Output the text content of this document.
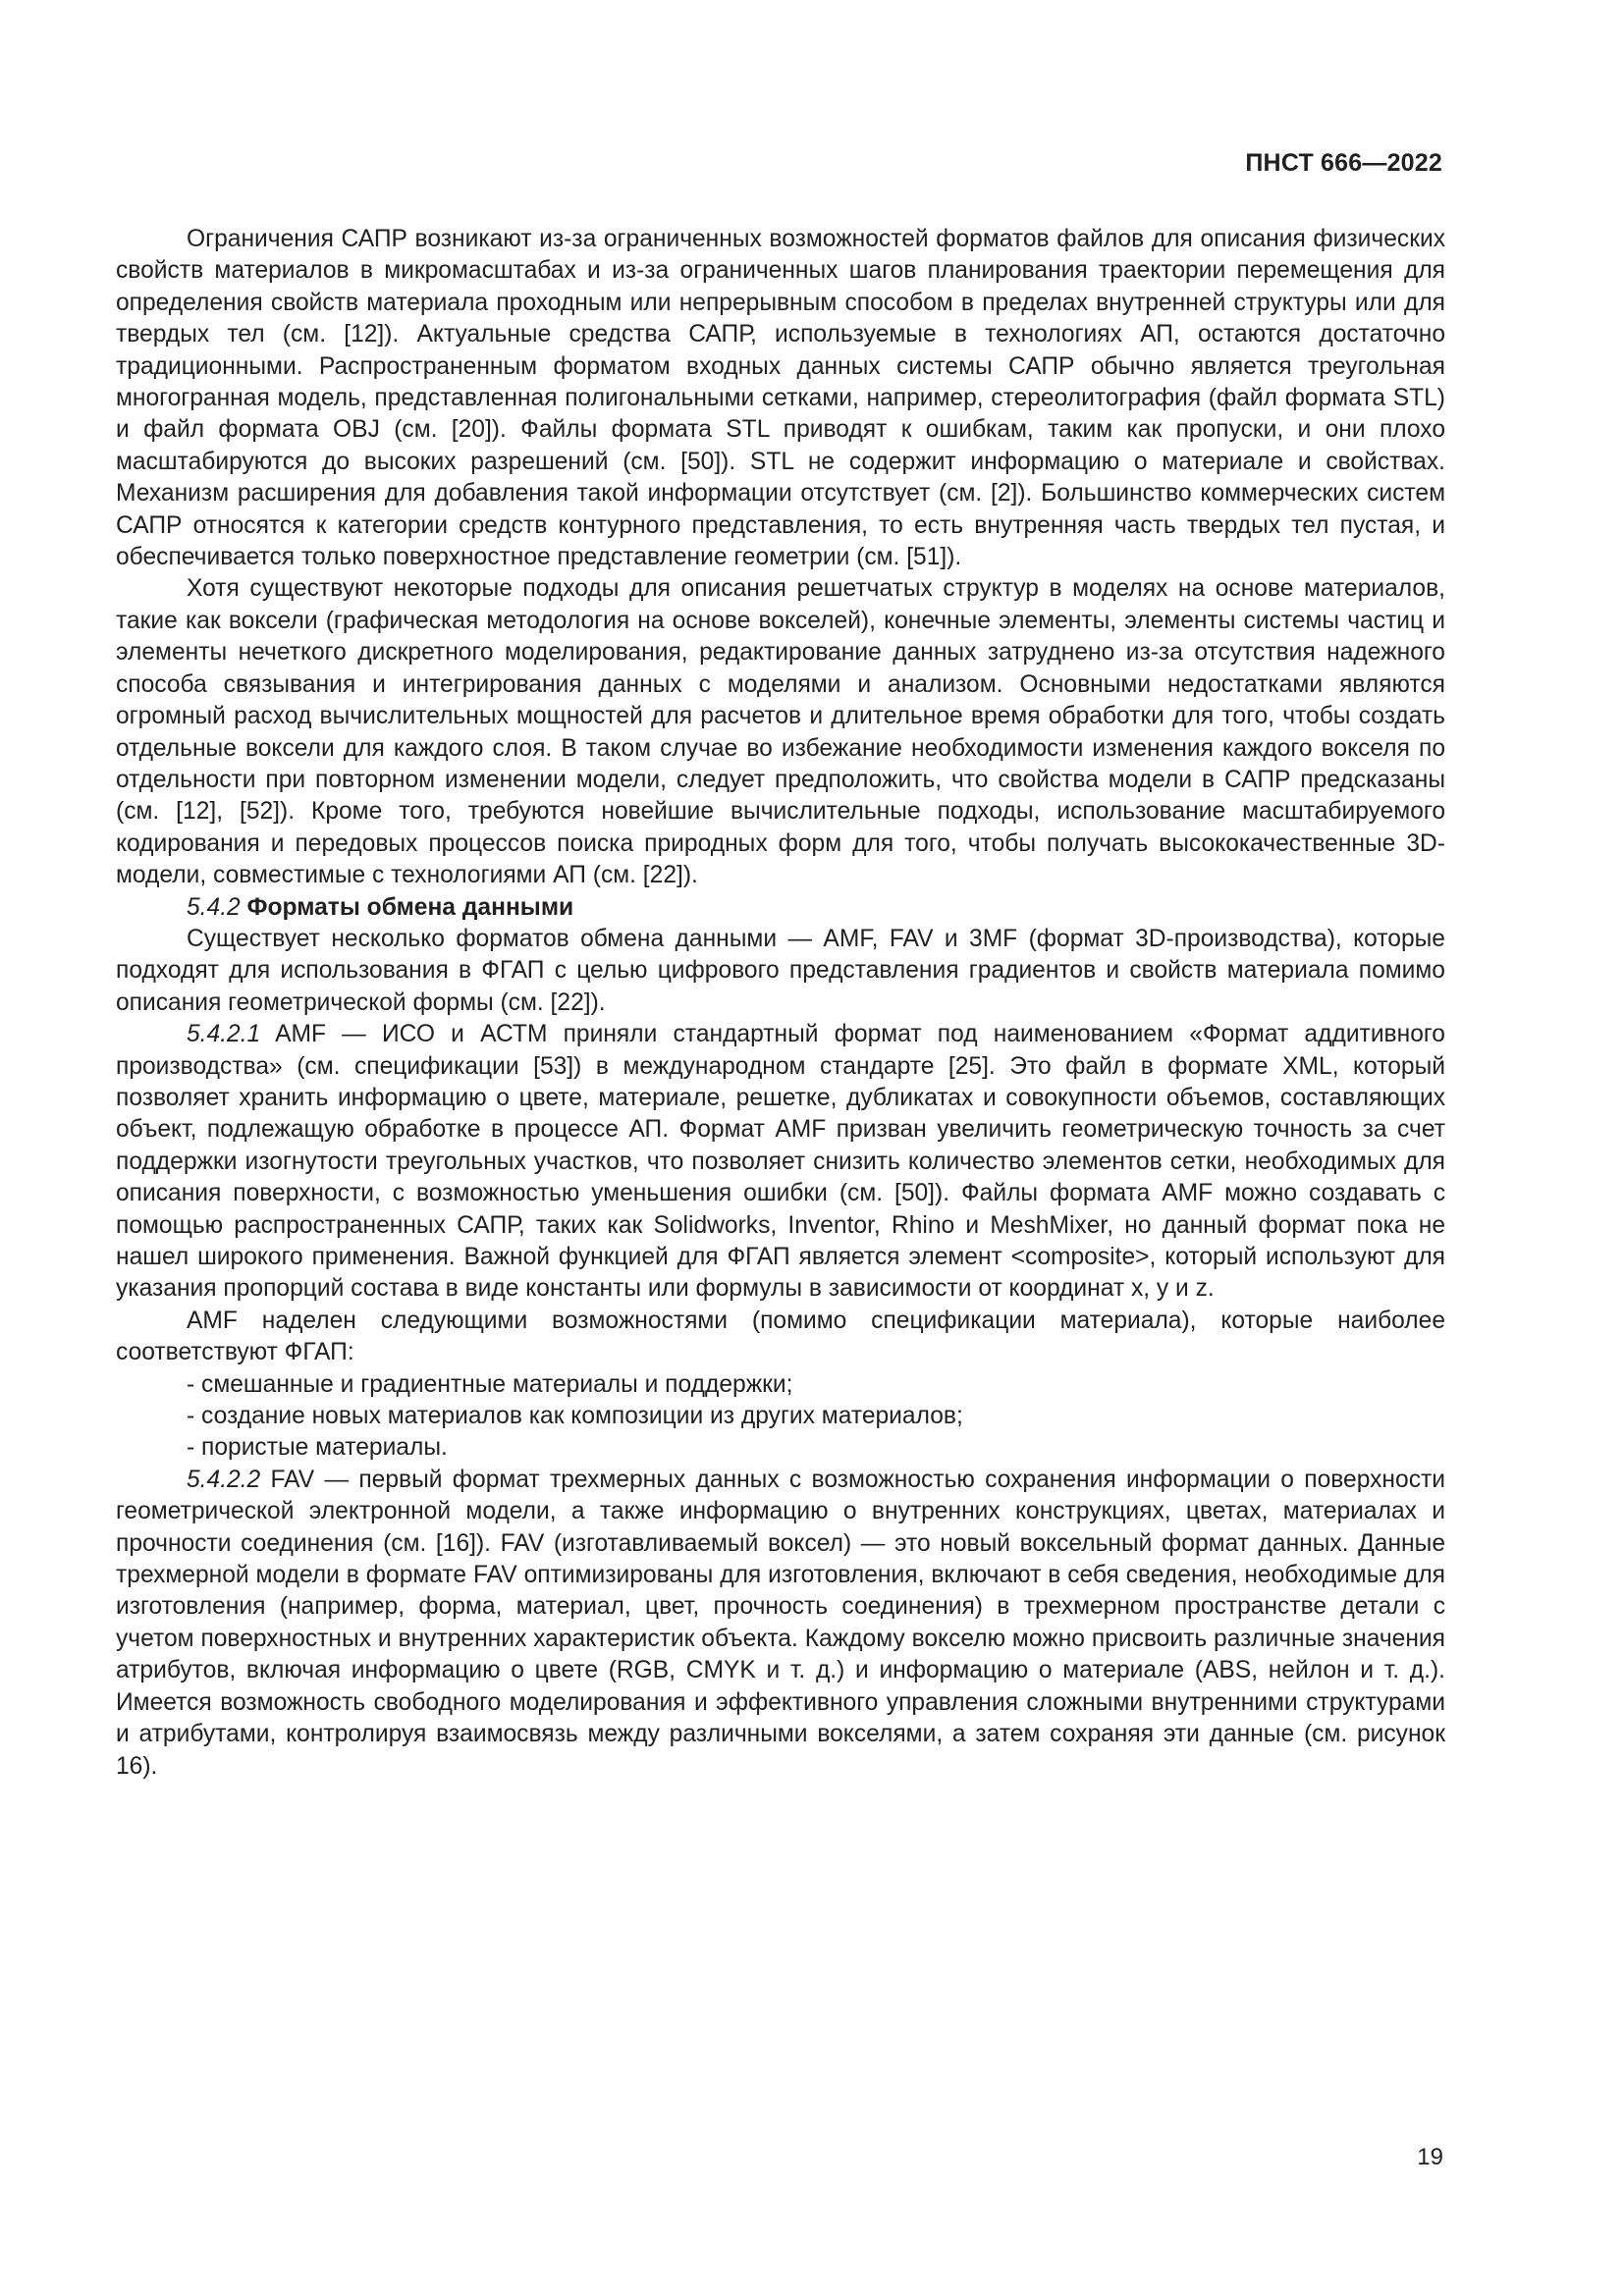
ПНСТ 666—2022

Ограничения САПР возникают из-за ограниченных возможностей форматов файлов для описания физических свойств материалов в микромасштабах и из-за ограниченных шагов планирования траектории перемещения для определения свойств материала проходным или непрерывным способом в пределах внутренней структуры или для твердых тел (см. [12]). Актуальные средства САПР, используемые в технологиях АП, остаются достаточно традиционными. Распространенным форматом входных данных системы САПР обычно является треугольная многогранная модель, представленная полигональными сетками, например, стереолитография (файл формата STL) и файл формата OBJ (см. [20]). Файлы формата STL приводят к ошибкам, таким как пропуски, и они плохо масштабируются до высоких разрешений (см. [50]). STL не содержит информацию о материале и свойствах. Механизм расширения для добавления такой информации отсутствует (см. [2]). Большинство коммерческих систем САПР относятся к категории средств контурного представления, то есть внутренняя часть твердых тел пустая, и обеспечивается только поверхностное представление геометрии (см. [51]).

Хотя существуют некоторые подходы для описания решетчатых структур в моделях на основе материалов, такие как воксели (графическая методология на основе вокселей), конечные элементы, элементы системы частиц и элементы нечеткого дискретного моделирования, редактирование данных затруднено из-за отсутствия надежного способа связывания и интегрирования данных с моделями и анализом. Основными недостатками являются огромный расход вычислительных мощностей для расчетов и длительное время обработки для того, чтобы создать отдельные воксели для каждого слоя. В таком случае во избежание необходимости изменения каждого вокселя по отдельности при повторном изменении модели, следует предположить, что свойства модели в САПР предсказаны (см. [12], [52]). Кроме того, требуются новейшие вычислительные подходы, использование масштабируемого кодирования и передовых процессов поиска природных форм для того, чтобы получать высококачественные 3D-модели, совместимые с технологиями АП (см. [22]).

5.4.2 Форматы обмена данными

Существует несколько форматов обмена данными — AMF, FAV и 3MF (формат 3D-производства), которые подходят для использования в ФГАП с целью цифрового представления градиентов и свойств материала помимо описания геометрической формы (см. [22]).

5.4.2.1 AMF — ИСО и АСТМ приняли стандартный формат под наименованием «Формат аддитивного производства» (см. спецификации [53]) в международном стандарте [25]. Это файл в формате XML, который позволяет хранить информацию о цвете, материале, решетке, дубликатах и совокупности объемов, составляющих объект, подлежащую обработке в процессе АП. Формат AMF призван увеличить геометрическую точность за счет поддержки изогнутости треугольных участков, что позволяет снизить количество элементов сетки, необходимых для описания поверхности, с возможностью уменьшения ошибки (см. [50]). Файлы формата AMF можно создавать с помощью распространенных САПР, таких как Solidworks, Inventor, Rhino и MeshMixer, но данный формат пока не нашел широкого применения. Важной функцией для ФГАП является элемент <composite>, который используют для указания пропорций состава в виде константы или формулы в зависимости от координат x, y и z.

AMF наделен следующими возможностями (помимо спецификации материала), которые наиболее соответствуют ФГАП:

- смешанные и градиентные материалы и поддержки;

- создание новых материалов как композиции из других материалов;

- пористые материалы.

5.4.2.2 FAV — первый формат трехмерных данных с возможностью сохранения информации о поверхности геометрической электронной модели, а также информацию о внутренних конструкциях, цветах, материалах и прочности соединения (см. [16]). FAV (изготавливаемый воксел) — это новый воксельный формат данных. Данные трехмерной модели в формате FAV оптимизированы для изготовления, включают в себя сведения, необходимые для изготовления (например, форма, материал, цвет, прочность соединения) в трехмерном пространстве детали с учетом поверхностных и внутренних характеристик объекта. Каждому вокселю можно присвоить различные значения атрибутов, включая информацию о цвете (RGB, CMYK и т. д.) и информацию о материале (ABS, нейлон и т. д.). Имеется возможность свободного моделирования и эффективного управления сложными внутренними структурами и атрибутами, контролируя взаимосвязь между различными вокселями, а затем сохраняя эти данные (см. рисунок 16).

19
